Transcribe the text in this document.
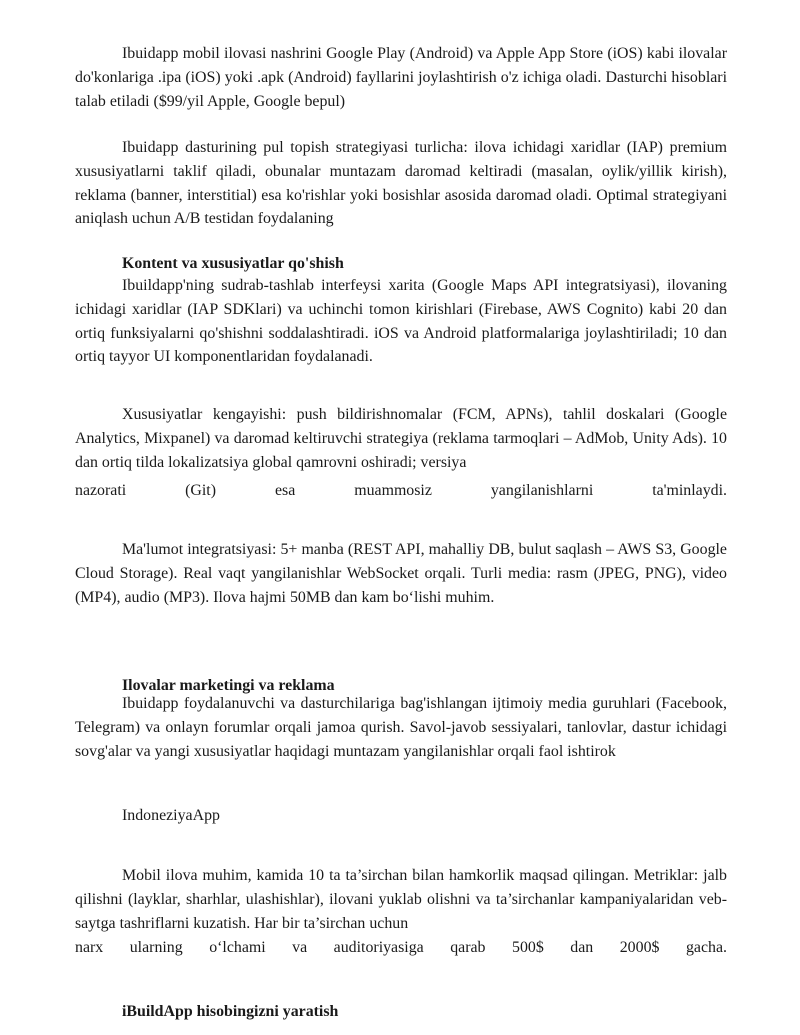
Ibuidapp mobil ilovasi nashrini Google Play (Android) va Apple App Store (iOS) kabi ilovalar do'konlariga .ipa (iOS) yoki .apk (Android) fayllarini joylashtirish o'z ichiga oladi. Dasturchi hisoblari talab etiladi ($99/yil Apple, Google bepul)

Ibuidapp dasturining pul topish strategiyasi turlicha: ilova ichidagi xaridlar (IAP) premium xususiyatlarni taklif qiladi, obunalar muntazam daromad keltiradi (masalan, oylik/yillik kirish), reklama (banner, interstitial) esa ko'rishlar yoki bosishlar asosida daromad oladi. Optimal strategiyani aniqlash uchun A/B testidan foydalaning

Kontent va xususiyatlar qo'shish

Ibuildapp'ning sudrab-tashlab interfeysi xarita (Google Maps API integratsiyasi), ilovaning ichidagi xaridlar (IAP SDKlari) va uchinchi tomon kirishlari (Firebase, AWS Cognito) kabi 20 dan ortiq funksiyalarni qo'shishni soddalashtiradi. iOS va Android platformalariga joylashtiriladi; 10 dan ortiq tayyor UI komponentlaridan foydalanadi.

Xususiyatlar kengayishi: push bildirishnomalar (FCM, APNs), tahlil doskalari (Google Analytics, Mixpanel) va daromad keltiruvchi strategiya (reklama tarmoqlari – AdMob, Unity Ads). 10 dan ortiq tilda lokalizatsiya global qamrovni oshiradi; versiya

nazorati (Git) esa muammosiz yangilanishlarni ta'minlaydi.

Ma'lumot integratsiyasi: 5+ manba (REST API, mahalliy DB, bulut saqlash – AWS S3, Google Cloud Storage). Real vaqt yangilanishlar WebSocket orqali. Turli media: rasm (JPEG, PNG), video (MP4), audio (MP3). Ilova hajmi 50MB dan kam boʻlishi muhim.

Ilovalar marketingi va reklama

Ibuidapp foydalanuvchi va dasturchilariga bag'ishlangan ijtimoiy media guruhlari (Facebook, Telegram) va onlayn forumlar orqali jamoa qurish. Savol-javob sessiyalari, tanlovlar, dastur ichidagi sovg'alar va yangi xususiyatlar haqidagi muntazam yangilanishlar orqali faol ishtirok

IndoneziyaApp

Mobil ilova muhim, kamida 10 ta ta’sirchan bilan hamkorlik maqsad qilingan. Metriklar: jalb qilishni (layklar, sharhlar, ulashishlar), ilovani yuklab olishni va ta’sirchanlar kampaniyalaridan veb-saytga tashriflarni kuzatish. Har bir ta’sirchan uchun

narx ularning oʻlchami va auditoriyasiga qarab 500$ dan 2000$ gacha.

iBuildApp hisobingizni yaratish
